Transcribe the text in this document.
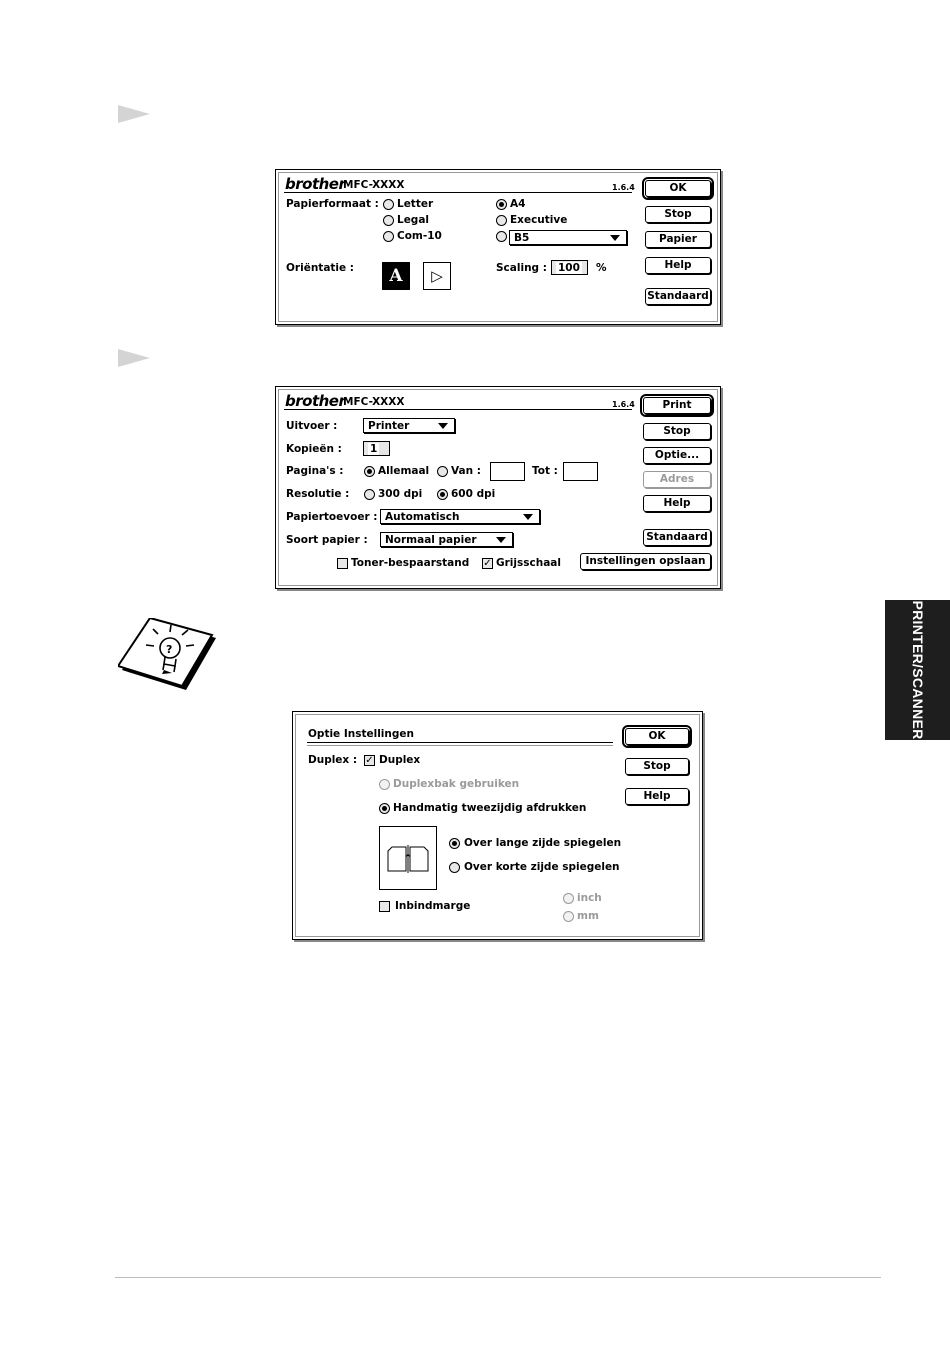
brother
MFC-XXXX	1.6.4
Papierformaat : Letter
Legal
Com-10
A4
Executive
B5
Oriëntatie :	A	▷	Scaling :	100	%
OK
Stop
Papier
Help
Standaard
brother
MFC-XXXX	1.6.4
Uitvoer :	Printer
Kopieën :	1
Pagina's :	Allemaal Van :	Tot :
Resolutie :	300 dpi	600 dpi
Papiertoevoer : Automatisch
Soort papier :	Normaal papier
Toner-bespaarstand ✓ Grijsschaal
Print
Stop
Optie...
Adres
Help
Standaard
Instellingen opslaan
?
Optie Instellingen
Duplex : ✓ Duplex
Duplexbak gebruiken
Handmatig tweezijdig afdrukken
Over lange zijde spiegelen
Over korte zijde spiegelen
Inbindmarge
inch
mm
OK
Stop
Help
PRINTER/SCANNER
